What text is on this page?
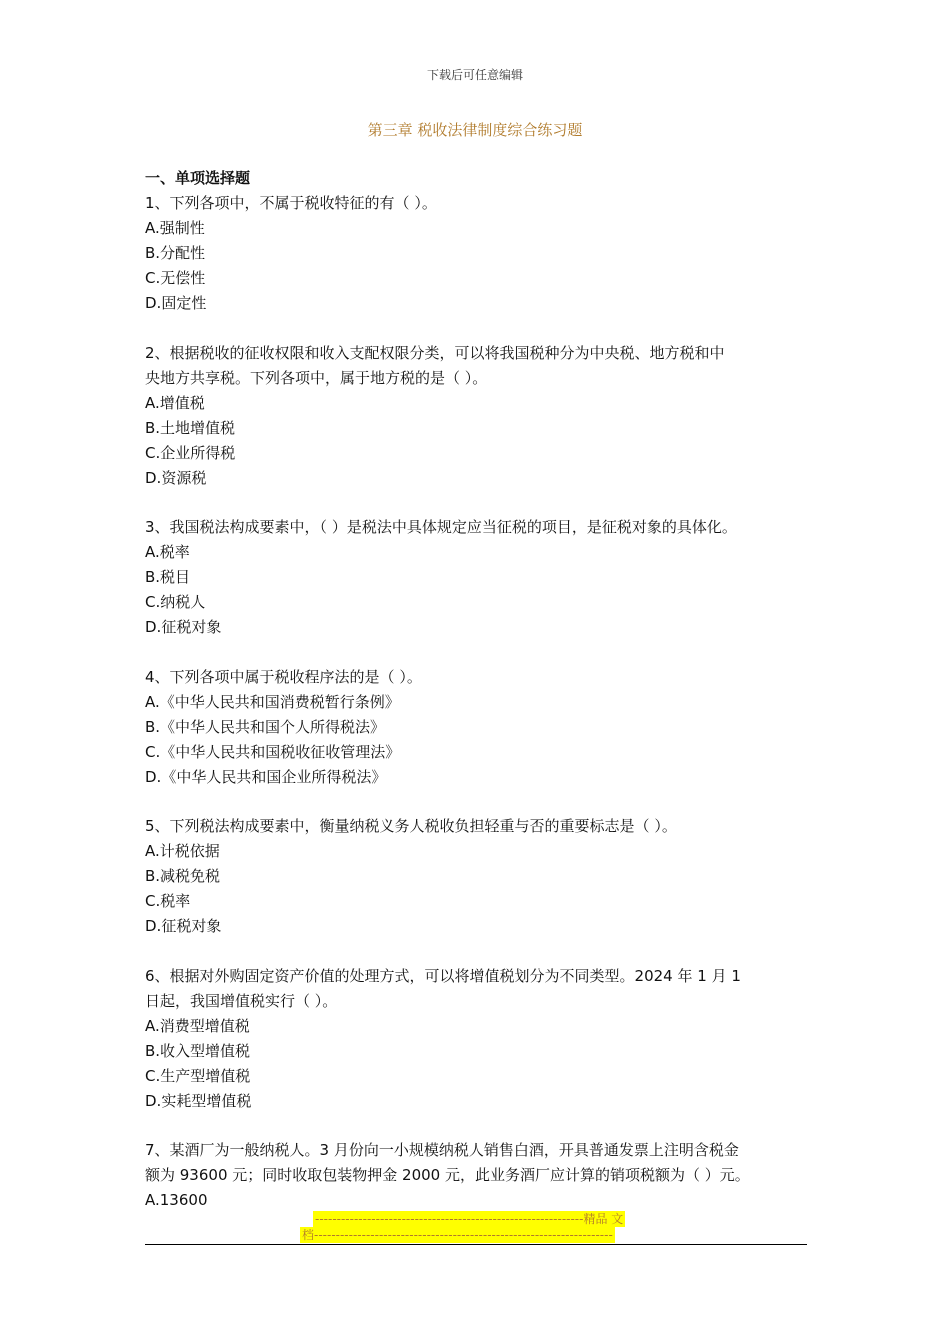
下载后可任意编辑
第三章 税收法律制度综合练习题
一、单项选择题
1、下列各项中，不属于税收特征的有（ ）。
A.强制性
B.分配性
C.无偿性
D.固定性
2、根据税收的征收权限和收入支配权限分类，可以将我国税种分为中央税、地方税和中
央地方共享税。下列各项中，属于地方税的是（ ）。
A.增值税
B.土地增值税
C.企业所得税
D.资源税
3、我国税法构成要素中，（ ）是税法中具体规定应当征税的项目，是征税对象的具体化。
A.税率
B.税目
C.纳税人
D.征税对象
4、下列各项中属于税收程序法的是（ ）。
A.《中华人民共和国消费税暂行条例》
B.《中华人民共和国个人所得税法》
C.《中华人民共和国税收征收管理法》
D.《中华人民共和国企业所得税法》
5、下列税法构成要素中，衡量纳税义务人税收负担轻重与否的重要标志是（ ）。
A.计税依据
B.减税免税
C.税率
D.征税对象
6、根据对外购固定资产价值的处理方式，可以将增值税划分为不同类型。2024 年 1 月 1
日起，我国增值税实行（ ）。
A.消费型增值税
B.收入型增值税
C.生产型增值税
D.实耗型增值税
7、某酒厂为一般纳税人。3 月份向一小规模纳税人销售白酒，开具普通发票上注明含税金
额为 93600 元；同时收取包装物押金 2000 元，此业务酒厂应计算的销项税额为（ ）元。
A.13600
--------------------------------------------------------------精品 文
档---------------------------------------------------------------------
